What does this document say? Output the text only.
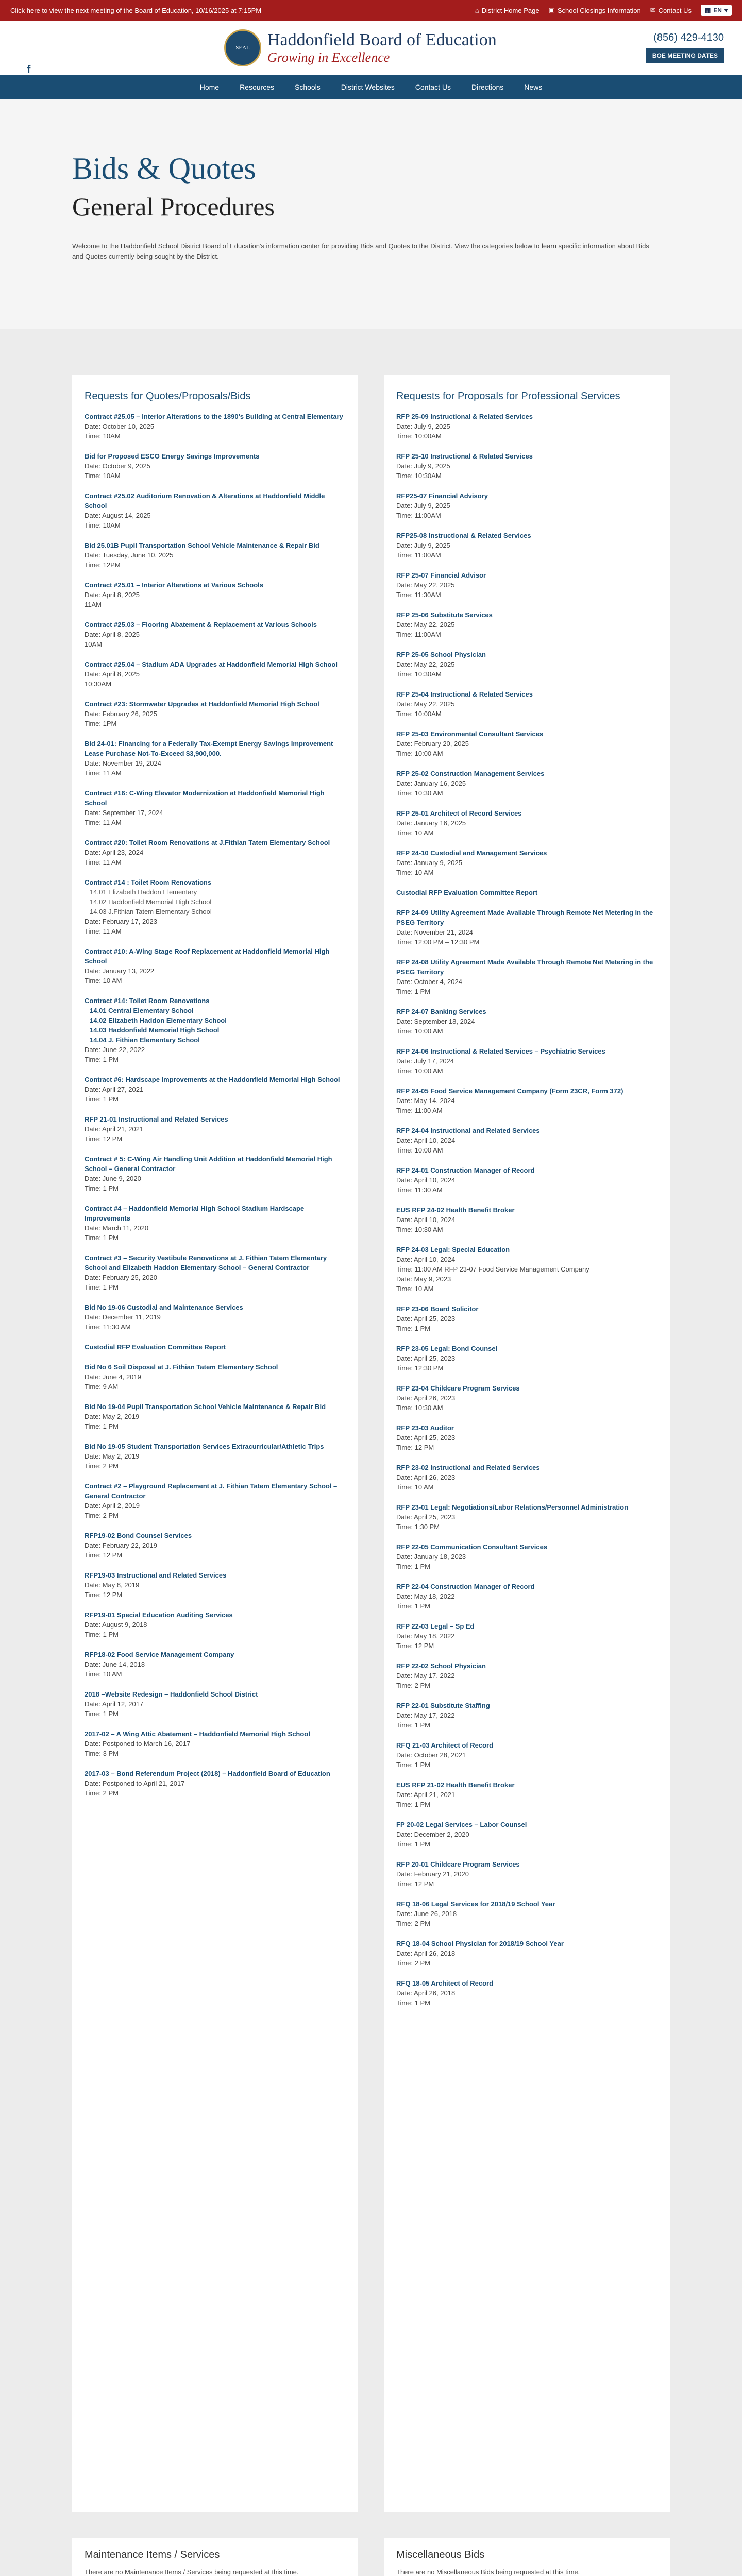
Click here to view the next meeting of the Board of Education, 10/16/2025 at 7:15PM	⌂ District Home Page ▣ School Closings Information ✉ Contact Us ▦ EN ▾
f
SEAL	Haddonfield Board of Education
Growing in Excellence
(856) 429-4130
BOE MEETING DATES
Home	Resources	Schools	District Websites	Contact Us	Directions	News
Bids & Quotes
General Procedures

Welcome to the Haddonfield School District Board of Education's information center for providing Bids and Quotes to the District. View the categories below to learn specific information about Bids and Quotes currently being sought by the District.

Requests for Quotes/Proposals/Bids
Contract #25.05 – Interior Alterations to the 1890's Building at Central Elementary
Date: October 10, 2025
Time: 10AM
Bid for Proposed ESCO Energy Savings Improvements
Date: October 9, 2025
Time: 10AM
Contract #25.02 Auditorium Renovation & Alterations at Haddonfield Middle School
Date: August 14, 2025
Time: 10AM
Bid 25.01B Pupil Transportation School Vehicle Maintenance & Repair Bid
Date: Tuesday, June 10, 2025
Time: 12PM
Contract #25.01 – Interior Alterations at Various Schools
Date: April 8, 2025
11AM
Contract #25.03 – Flooring Abatement & Replacement at Various Schools
Date: April 8, 2025
10AM
Contract #25.04 – Stadium ADA Upgrades at Haddonfield Memorial High School
Date: April 8, 2025
10:30AM
Contract #23: Stormwater Upgrades at Haddonfield Memorial High School
Date: February 26, 2025
Time: 1PM
Bid 24-01: Financing for a Federally Tax-Exempt Energy Savings Improvement Lease Purchase Not-To-Exceed $3,900,000.
Date: November 19, 2024
Time: 11 AM
Contract #16: C-Wing Elevator Modernization at Haddonfield Memorial High School
Date: September 17, 2024
Time: 11 AM
Contract #20: Toilet Room Renovations at J.Fithian Tatem Elementary School
Date: April 23, 2024
Time: 11 AM
Contract #14 : Toilet Room Renovations
14.01 Elizabeth Haddon Elementary
14.02 Haddonfield Memorial High School
14.03 J.Fithian Tatem Elementary School
Date: February 17, 2023
Time: 11 AM
Contract #10: A-Wing Stage Roof Replacement at Haddonfield Memorial High School
Date: January 13, 2022
Time: 10 AM
Contract #14: Toilet Room Renovations
14.01 Central Elementary School
14.02 Elizabeth Haddon Elementary School
14.03 Haddonfield Memorial High School
14.04 J. Fithian Elementary School
Date: June 22, 2022
Time: 1 PM
Contract #6: Hardscape Improvements at the Haddonfield Memorial High School
Date: April 27, 2021
Time: 1 PM
RFP 21-01 Instructional and Related Services
Date: April 21, 2021
Time: 12 PM
Contract # 5: C-Wing Air Handling Unit Addition at Haddonfield Memorial High School – General Contractor
Date: June 9, 2020
Time: 1 PM
Contract #4 – Haddonfield Memorial High School Stadium Hardscape Improvements
Date: March 11, 2020
Time: 1 PM
Contract #3 – Security Vestibule Renovations at J. Fithian Tatem Elementary School and Elizabeth Haddon Elementary School – General Contractor
Date: February 25, 2020
Time: 1 PM
Bid No 19-06 Custodial and Maintenance Services
Date: December 11, 2019
Time: 11:30 AM
Custodial RFP Evaluation Committee Report
Bid No 6 Soil Disposal at J. Fithian Tatem Elementary School
Date: June 4, 2019
Time: 9 AM
Bid No 19-04 Pupil Transportation School Vehicle Maintenance & Repair Bid
Date: May 2, 2019
Time: 1 PM
Bid No 19-05 Student Transportation Services Extracurricular/Athletic Trips
Date: May 2, 2019
Time: 2 PM
Contract #2 – Playground Replacement at J. Fithian Tatem Elementary School – General Contractor
Date: April 2, 2019
Time: 2 PM
RFP19-02 Bond Counsel Services
Date: February 22, 2019
Time: 12 PM
RFP19-03 Instructional and Related Services
Date: May 8, 2019
Time: 12 PM
RFP19-01 Special Education Auditing Services
Date: August 9, 2018
Time: 1 PM
RFP18-02 Food Service Management Company
Date: June 14, 2018
Time: 10 AM
2018 –Website Redesign – Haddonfield School District
Date: April 12, 2017
Time: 1 PM
2017-02 – A Wing Attic Abatement – Haddonfield Memorial High School
Date: Postponed to March 16, 2017
Time: 3 PM
2017-03 – Bond Referendum Project (2018) – Haddonfield Board of Education
Date: Postponed to April 21, 2017
Time: 2 PM
Requests for Proposals for Professional Services
RFP 25-09 Instructional & Related Services
Date: July 9, 2025
Time: 10:00AM
RFP 25-10 Instructional & Related Services
Date: July 9, 2025
Time: 10:30AM
RFP25-07 Financial Advisory
Date: July 9, 2025
Time: 11:00AM
RFP25-08 Instructional & Related Services
Date: July 9, 2025
Time: 11:00AM
RFP 25-07 Financial Advisor
Date: May 22, 2025
Time: 11:30AM
RFP 25-06 Substitute Services
Date: May 22, 2025
Time: 11:00AM
RFP 25-05 School Physician
Date: May 22, 2025
Time: 10:30AM
RFP 25-04 Instructional & Related Services
Date: May 22, 2025
Time: 10:00AM
RFP 25-03 Environmental Consultant Services
Date: February 20, 2025
Time: 10:00 AM
RFP 25-02 Construction Management Services
Date: January 16, 2025
Time: 10:30 AM
RFP 25-01 Architect of Record Services
Date: January 16, 2025
Time: 10 AM
RFP 24-10 Custodial and Management Services
Date: January 9, 2025
Time: 10 AM
Custodial RFP Evaluation Committee Report
RFP 24-09 Utility Agreement Made Available Through Remote Net Metering in the PSEG Territory
Date: November 21, 2024
Time: 12:00 PM – 12:30 PM
RFP 24-08 Utility Agreement Made Available Through Remote Net Metering in the PSEG Territory
Date: October 4, 2024
Time: 1 PM
RFP 24-07 Banking Services
Date: September 18, 2024
Time: 10:00 AM
RFP 24-06 Instructional & Related Services – Psychiatric Services
Date: July 17, 2024
Time: 10:00 AM
RFP 24-05 Food Service Management Company (Form 23CR, Form 372)
Date: May 14, 2024
Time: 11:00 AM
RFP 24-04 Instructional and Related Services
Date: April 10, 2024
Time: 10:00 AM
RFP 24-01 Construction Manager of Record
Date: April 10, 2024
Time: 11:30 AM
EUS RFP 24-02 Health Benefit Broker
Date: April 10, 2024
Time: 10:30 AM
RFP 24-03 Legal: Special Education
Date: April 10, 2024
Time: 11:00 AM RFP 23-07 Food Service Management Company
Date: May 9, 2023
Time: 10 AM
RFP 23-06 Board Solicitor
Date: April 25, 2023
Time: 1 PM
RFP 23-05 Legal: Bond Counsel
Date: April 25, 2023
Time: 12:30 PM
RFP 23-04 Childcare Program Services
Date: April 26, 2023
Time: 10:30 AM
RFP 23-03 Auditor
Date: April 25, 2023
Time: 12 PM
RFP 23-02 Instructional and Related Services
Date: April 26, 2023
Time: 10 AM
RFP 23-01 Legal: Negotiations/Labor Relations/Personnel Administration
Date: April 25, 2023
Time: 1:30 PM
RFP 22-05 Communication Consultant Services
Date: January 18, 2023
Time: 1 PM
RFP 22-04 Construction Manager of Record
Date: May 18, 2022
Time: 1 PM
RFP 22-03 Legal – Sp Ed
Date: May 18, 2022
Time: 12 PM
RFP 22-02 School Physician
Date: May 17, 2022
Time: 2 PM
RFP 22-01 Substitute Staffing
Date: May 17, 2022
Time: 1 PM
RFQ 21-03 Architect of Record
Date: October 28, 2021
Time: 1 PM
EUS RFP 21-02 Health Benefit Broker
Date: April 21, 2021
Time: 1 PM
FP 20-02 Legal Services – Labor Counsel
Date: December 2, 2020
Time: 1 PM
RFP 20-01 Childcare Program Services
Date: February 21, 2020
Time: 12 PM
RFQ 18-06 Legal Services for 2018/19 School Year
Date: June 26, 2018
Time: 2 PM
RFQ 18-04 School Physician for 2018/19 School Year
Date: April 26, 2018
Time: 2 PM
RFQ 18-05 Architect of Record
Date: April 26, 2018
Time: 1 PM
Maintenance Items / Services

There are no Maintenance Items / Services being requested at this time.

Miscellaneous Bids

There are no Miscellaneous Bids being requested at this time.
